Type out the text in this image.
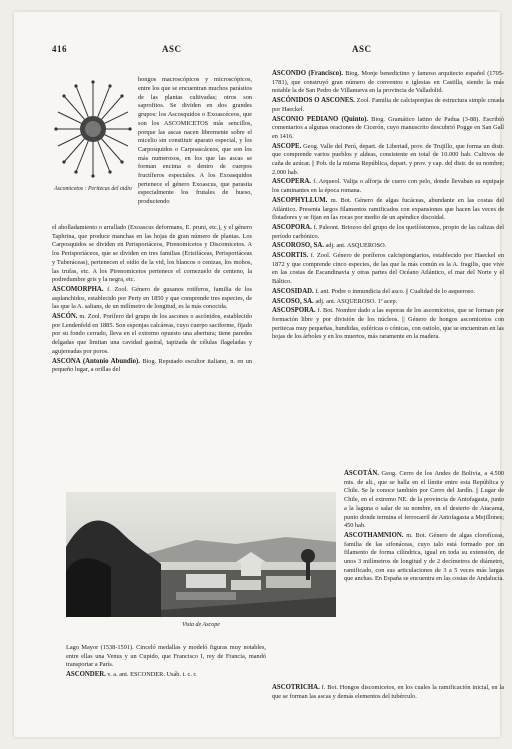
416	ASC	ASC
Ascomicetos : Peritecas del oidio

hongos macroscópicos y microscópicos, entre los que se encuentran muchos parásitos de las plantas cultivadas; otros son saprofitos. Se dividen en dos grandes grupos: los Ascosquidos o Exoascéceos, que son los ASCOMICETOS más sencillos, porque las ascas nacen libremente sobre el micelio sin constituir aparato especial, y los Carposquidos o Carpoascáceos, que son los más numerosos, en los que las ascas se forman encima o dentro de cuerpos fructíferos especiales. A los Exoasquidos pertenece el género Exoascus, que parasita especialmente los frutales de hueso, produciendo

el abolladamiento o arrallado (Exoascus deformans, E. pruni, etc.), y el género Taphrina, que produce manchas en las hojas de gran número de plantas. Los Carposquidos se dividen en Perisporiáceos, Pirenomicetos y Discomicetos. A los Perisporiáceos, que se dividen en tres familias (Erisifáceas, Perisporiáceas y Tuberáceas), pertenecen el oidio de la vid, los blancos o cenizas, los mohos, las trufas, etc. A los Pirenomicetos pertenece el cornezuelo de centeno, la podredumbre gris y la negra, etc.

ASCOMORPHA. f. Zool. Género de gusanos rotíferos, familia de los asplanchidos, establecido por Perty en 1850 y que comprende tres especies, de las que la A. saltans, de un milímetro de longitud, es la más conocida.

ASCÓN. m. Zool. Porífero del grupo de los ascones o ascónidos, establecido por Lendenfeld en 1885. Son esponjas calcáreas, cuyo cuerpo saciforme, fijado por su fondo cerrado, lleva en el extremo opuesto una abertura; tiene paredes delgadas que limitan una cavidad gastral, tapizada de células flageladas y agujereadas por poros.

ASCONA (Antonio Abundio). Biog. Reputado escultor italiano, n. en un pequeño lugar, a orillas del

ASCONDO (Francisco). Biog. Monje benedictino y famoso arquitecto español (1705-1781), que construyó gran número de conventos e iglesias en Castilla, siendo la más notable la de San Pedro de Villanueva en la provincia de Valladolid.

ASCÓNIDOS O ASCONES. Zool. Familia de calcisponjias de estructura simple creada por Haeckel.

ASCONIO PEDIANO (Quinto). Biog. Gramático latino de Padua (3-88). Escribió comentarios a algunas oraciones de Cicerón, cuyo manuscrito descubrió Pogge en San Gall en 1416.

ASCOPE. Geog. Valle del Perú, depart. de Libertad, prov. de Trujillo, que forma un distr. que comprende varios pueblos y aldeas, consistente en total de 10.000 hab. Cultivos de caña de azúcar. || Pob. de la misma República, depart. y prov. y cap. del distr. de su nombre; 2.000 hab.

ASCOPERA. f. Arqueol. Valija o alforja de cuero con pelo, donde llevaban su equipaje los caminantes en la época romana.

ASCOPHYLLUM. m. Bot. Género de algas fucáceas, abundante en las costas del Atlántico. Presenta largos filamentos ramificados con expansiones que hacen las veces de flotadores y se fijan en las rocas por medio de un apéndice discoidal.

ASCOPORA. f. Paleont. Briozoo del grupo de los queilóstomos, propio de las calizas del período carbónico.

ASCOROSO, SA. adj. ant. ASQUEROSO.

ASCORTIS. f. Zool. Género de poríferos calcispongiarios, establecido por Haeckel en 1872 y que comprende cinco especies, de las que la más común es la A. fragilis, que vive en las costas de Escandinavia y otras partes del Océano Atlántico, el mar del Norte y el Báltico.

ASCOSIDAD. f. ant. Podre o inmundicia del asco. || Cualidad de lo asqueroso.

ASCOSO, SA. adj. ant. ASQUEROSO. 1ª acep.

ASCOSPORA. f. Bot. Nombre dado a las esporas de los ascomicetos, que se forman por formación libre y por división de los núcleos. || Género de hongos ascomicetos con peritecas muy pequeñas, hundidas, esféricas o cónicas, con ostiolo, que se encuentran en las hojas de los árboles y en los muertos, más raramente en la madera.

Vista de Ascope

ASCOTÁN. Geog. Cerro de los Andes de Bolivia, a 4.500 mts. de alt., que se halla en el límite entre esta República y Chile. Se le conoce también por Cerro del Jardín. || Lugar de Chile, en el extremo NE. de la provincia de Antofagasta, junto a la laguna o salar de su nombre, en el desierto de Atacama, punto donde termina el ferrocarril de Antofagasta a Mejillones; 450 hab.

ASCOTHAMNION. m. Bot. Género de algas clorofíceas, familia de las sifonáceas, cuyo talo está formado por un filamento de forma cilíndrica, igual en toda su extensión, de unos 3 milímetros de longitud y de 2 decímetros de diámetro, ramificado, con sus articulaciones de 3 a 5 veces más largas que anchas. En España se encuentra en las costas de Andalucía.

Lago Mayor (1538-1591). Cinceló medallas y modeló figuras muy notables, entre ellas una Venus y un Cupido, que Francisco I, rey de Francia, mandó transportar a París.

ASCONDER. v. a. ant. ESCONDER. Usáb. t. c. r.

ASCOTRICHA. f. Bot. Hongos discomicetos, en los cuales la ramificación inicial, en la que se forman las ascas y demás elementos del tubérculo.
